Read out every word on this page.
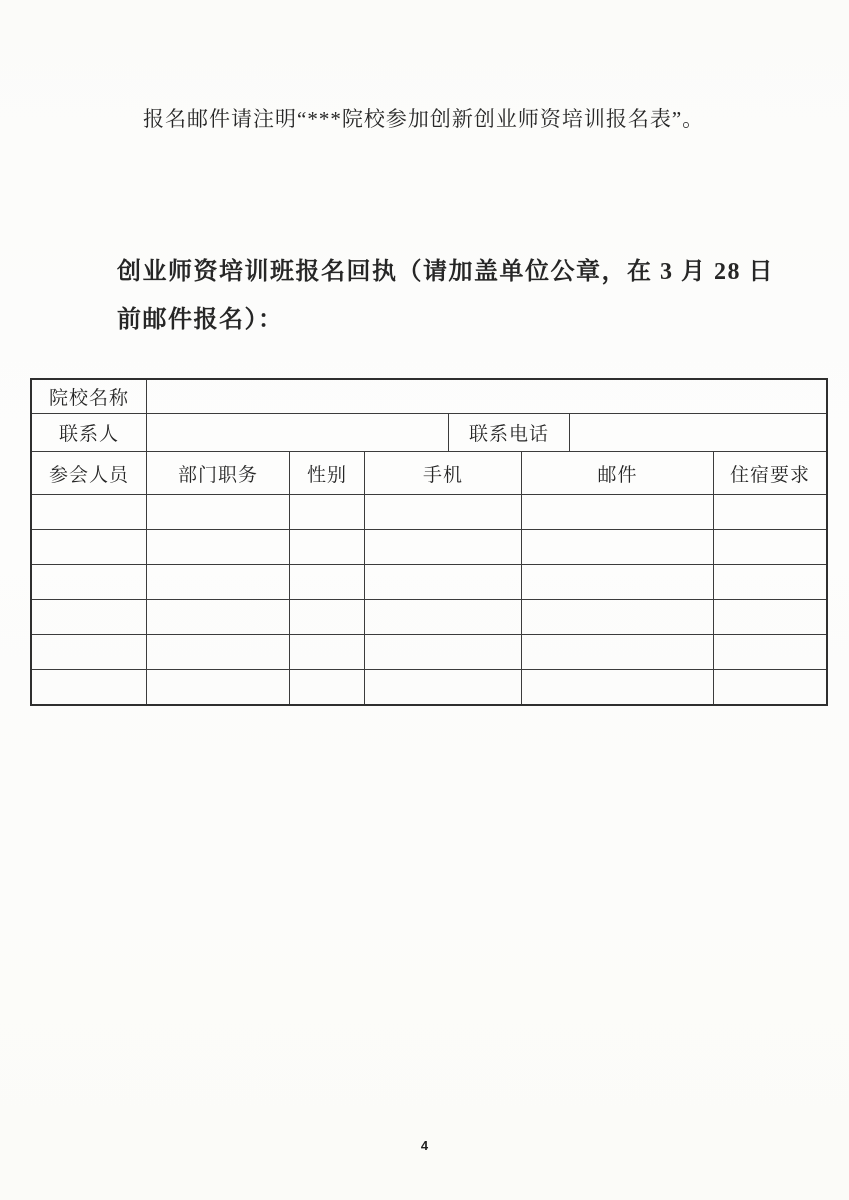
报名邮件请注明“***院校参加创新创业师资培训报名表”。

创业师资培训班报名回执（请加盖单位公章，在 3 月 28 日
前邮件报名）：
院校名称
联系人	联系电话
参会人员	部门职务	性别	手机	邮件	住宿要求
4
